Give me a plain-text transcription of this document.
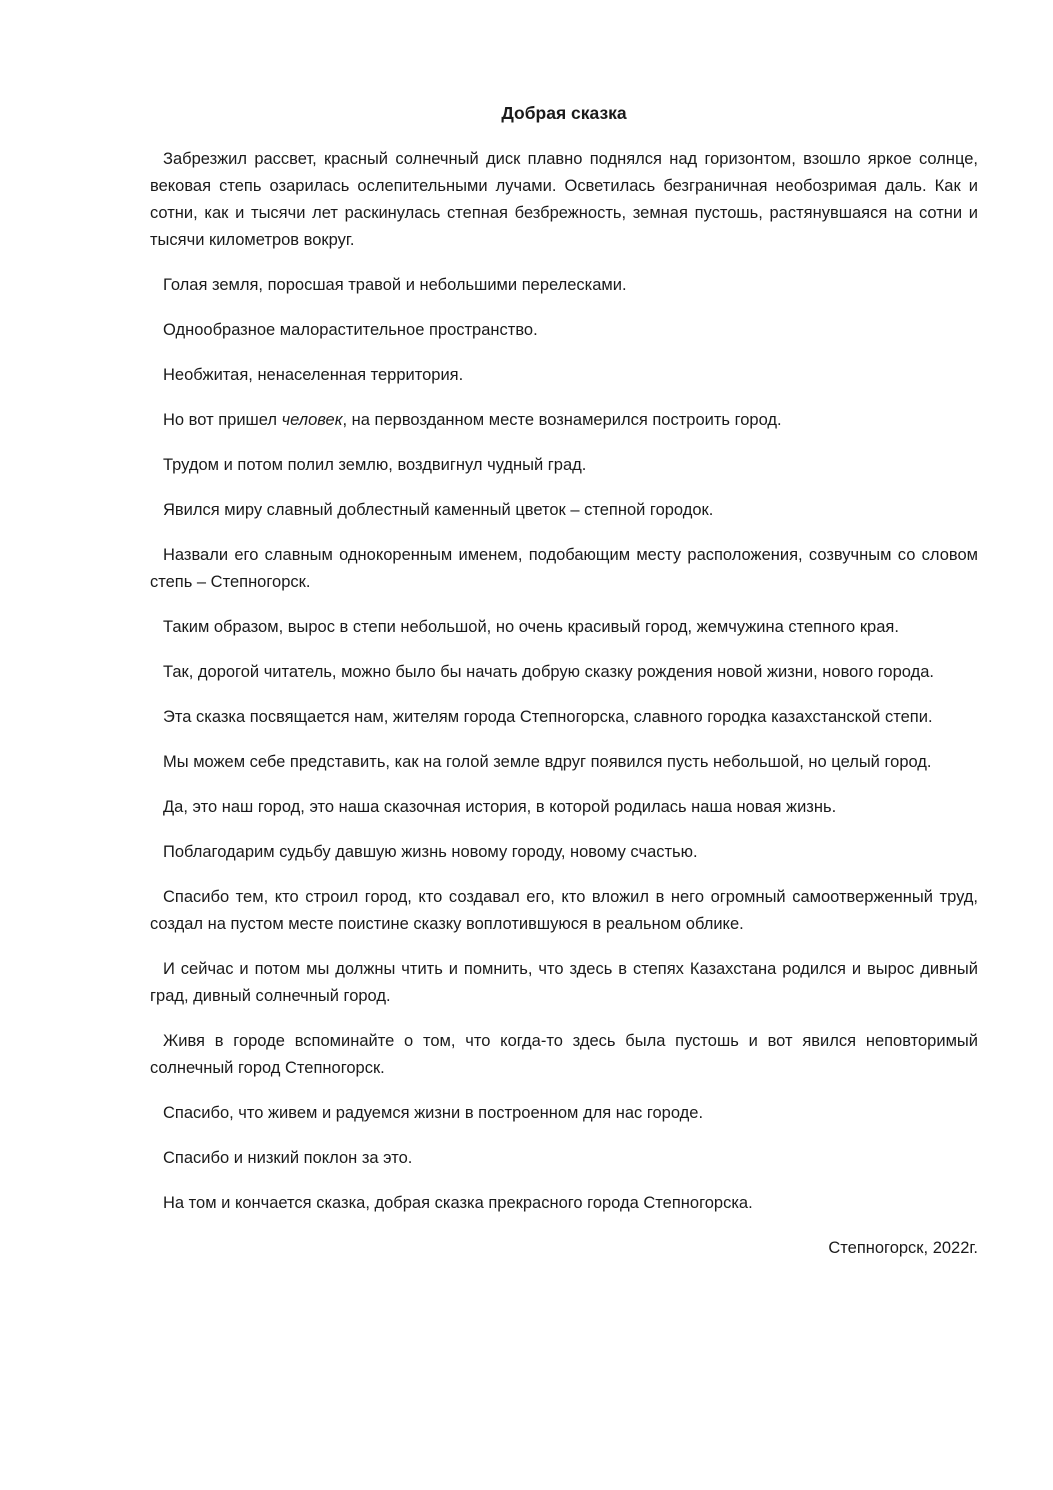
Добрая сказка

Забрезжил рассвет, красный солнечный диск плавно поднялся над горизонтом, взошло яркое солнце, вековая степь озарилась ослепительными лучами. Осветилась безграничная необозримая даль. Как и сотни, как и тысячи лет раскинулась степная безбрежность, земная пустошь, растянувшаяся на сотни и тысячи километров вокруг.

Голая земля, поросшая травой и небольшими перелесками.

Однообразное малорастительное пространство.

Необжитая, ненаселенная территория.

Но вот пришел человек, на первозданном месте вознамерился построить город.

Трудом и потом полил землю, воздвигнул чудный град.

Явился миру славный доблестный каменный цветок – степной городок.

Назвали его славным однокоренным именем, подобающим месту расположения, созвучным со словом степь – Степногорск.

Таким образом, вырос в степи небольшой, но очень красивый город, жемчужина степного края.

Так, дорогой читатель, можно было бы начать добрую сказку рождения новой жизни, нового города.

Эта сказка посвящается нам, жителям города Степногорска, славного городка казахстанской степи.

Мы можем себе представить, как на голой земле вдруг появился пусть небольшой, но целый город.

Да, это наш город, это наша сказочная история, в которой родилась наша новая жизнь.

Поблагодарим судьбу давшую жизнь новому городу, новому счастью.

Спасибо тем, кто строил город, кто создавал его, кто вложил в него огромный самоотверженный труд, создал на пустом месте поистине сказку воплотившуюся в реальном облике.

И сейчас и потом мы должны чтить и помнить, что здесь в степях Казахстана родился и вырос дивный град, дивный солнечный город.

Живя в городе вспоминайте о том, что когда-то здесь была пустошь и вот явился неповторимый солнечный город Степногорск.

Спасибо, что живем и радуемся жизни в построенном для нас городе.

Спасибо и низкий поклон за это.

На том и кончается сказка, добрая сказка прекрасного города Степногорска.

Степногорск, 2022г.
